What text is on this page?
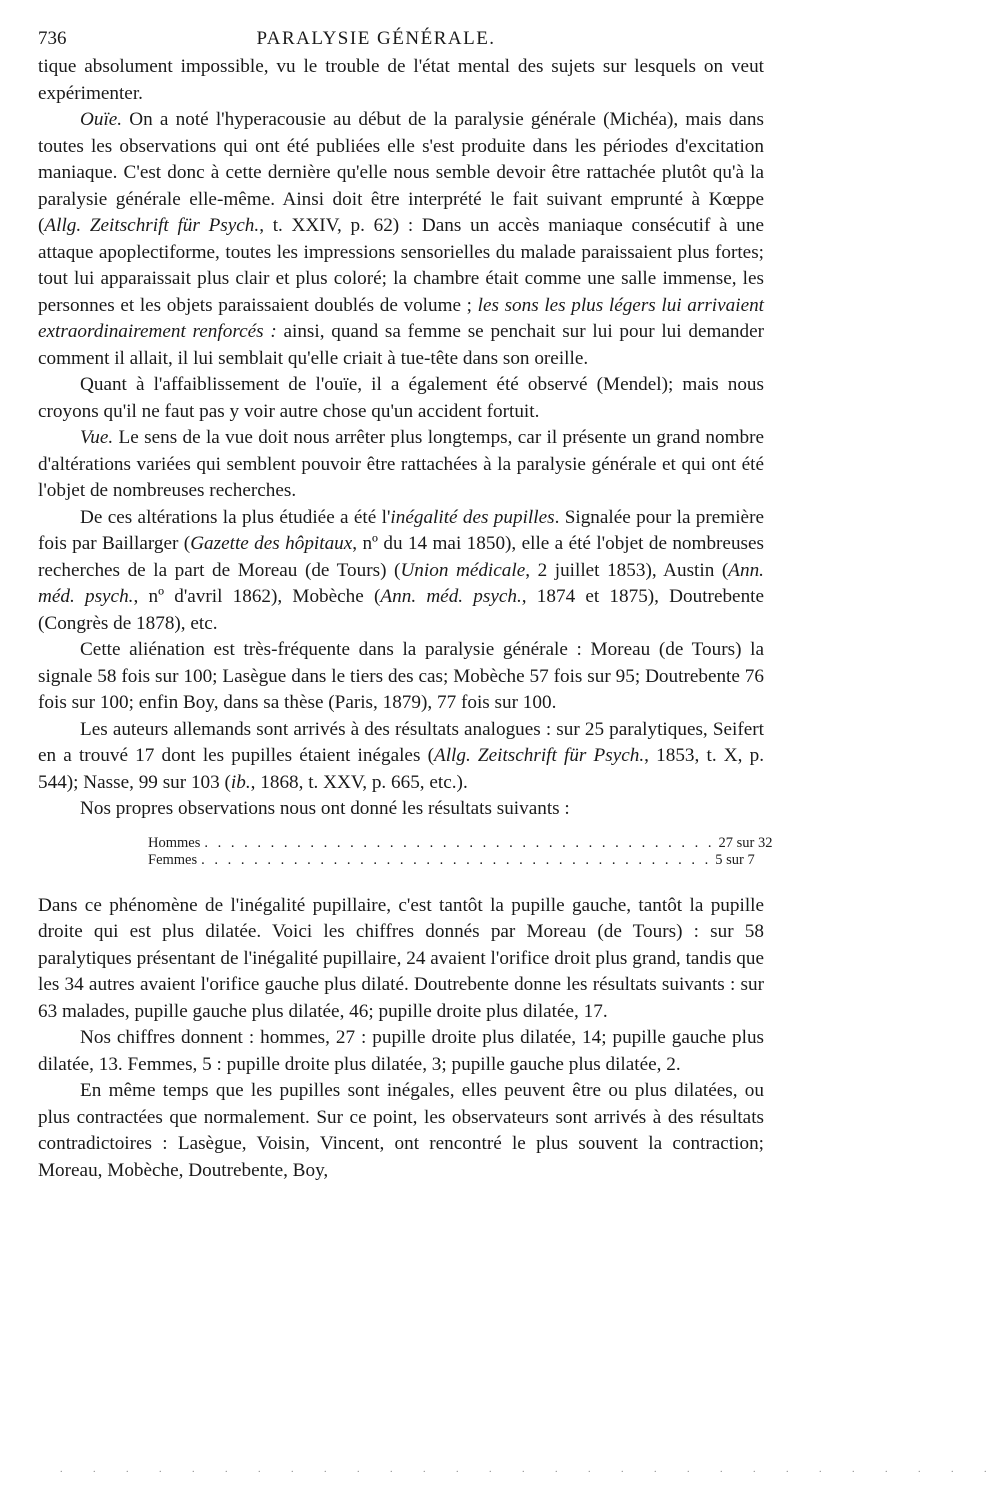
736	PARALYSIE GÉNÉRALE.

tique absolument impossible, vu le trouble de l'état mental des sujets sur lesquels on veut expérimenter.

Ouïe. On a noté l'hyperacousie au début de la paralysie générale (Michéa), mais dans toutes les observations qui ont été publiées elle s'est produite dans les périodes d'excitation maniaque. C'est donc à cette dernière qu'elle nous semble devoir être rattachée plutôt qu'à la paralysie générale elle-même. Ainsi doit être interprété le fait suivant emprunté à Kœppe (Allg. Zeitschrift für Psych., t. XXIV, p. 62) : Dans un accès maniaque consécutif à une attaque apoplectiforme, toutes les impressions sensorielles du malade paraissaient plus fortes; tout lui apparaissait plus clair et plus coloré; la chambre était comme une salle immense, les personnes et les objets paraissaient doublés de volume ; les sons les plus légers lui arrivaient extraordinairement renforcés : ainsi, quand sa femme se penchait sur lui pour lui demander comment il allait, il lui semblait qu'elle criait à tue-tête dans son oreille.

Quant à l'affaiblissement de l'ouïe, il a également été observé (Mendel); mais nous croyons qu'il ne faut pas y voir autre chose qu'un accident fortuit.

Vue. Le sens de la vue doit nous arrêter plus longtemps, car il présente un grand nombre d'altérations variées qui semblent pouvoir être rattachées à la paralysie générale et qui ont été l'objet de nombreuses recherches.

De ces altérations la plus étudiée a été l'inégalité des pupilles. Signalée pour la première fois par Baillarger (Gazette des hôpitaux, nº du 14 mai 1850), elle a été l'objet de nombreuses recherches de la part de Moreau (de Tours) (Union médicale, 2 juillet 1853), Austin (Ann. méd. psych., nº d'avril 1862), Mobèche (Ann. méd. psych., 1874 et 1875), Doutrebente (Congrès de 1878), etc.

Cette aliénation est très-fréquente dans la paralysie générale : Moreau (de Tours) la signale 58 fois sur 100; Lasègue dans le tiers des cas; Mobèche 57 fois sur 95; Doutrebente 76 fois sur 100; enfin Boy, dans sa thèse (Paris, 1879), 77 fois sur 100.

Les auteurs allemands sont arrivés à des résultats analogues : sur 25 paralytiques, Seifert en a trouvé 17 dont les pupilles étaient inégales (Allg. Zeitschrift für Psych., 1853, t. X, p. 544); Nasse, 99 sur 103 (ib., 1868, t. XXV, p. 665, etc.).

Nos propres observations nous ont donné les résultats suivants :

Hommes . . . . . . . . . . . . . . . . . . . . . . . . . . . . . . . . . . . . . . . 27 sur 32
Femmes . . . . . . . . . . . . . . . . . . . . . . . . . . . . . . . . . . . . . . . 5 sur 7

Dans ce phénomène de l'inégalité pupillaire, c'est tantôt la pupille gauche, tantôt la pupille droite qui est plus dilatée. Voici les chiffres donnés par Moreau (de Tours) : sur 58 paralytiques présentant de l'inégalité pupillaire, 24 avaient l'orifice droit plus grand, tandis que les 34 autres avaient l'orifice gauche plus dilaté. Doutrebente donne les résultats suivants : sur 63 malades, pupille gauche plus dilatée, 46; pupille droite plus dilatée, 17.

Nos chiffres donnent : hommes, 27 : pupille droite plus dilatée, 14; pupille gauche plus dilatée, 13. Femmes, 5 : pupille droite plus dilatée, 3; pupille gauche plus dilatée, 2.

En même temps que les pupilles sont inégales, elles peuvent être ou plus dilatées, ou plus contractées que normalement. Sur ce point, les observateurs sont arrivés à des résultats contradictoires : Lasègue, Voisin, Vincent, ont rencontré le plus souvent la contraction; Moreau, Mobèche, Doutrebente, Boy,

. . . . . . . . . . . . . . . . . . . . . . . . . . . . .
